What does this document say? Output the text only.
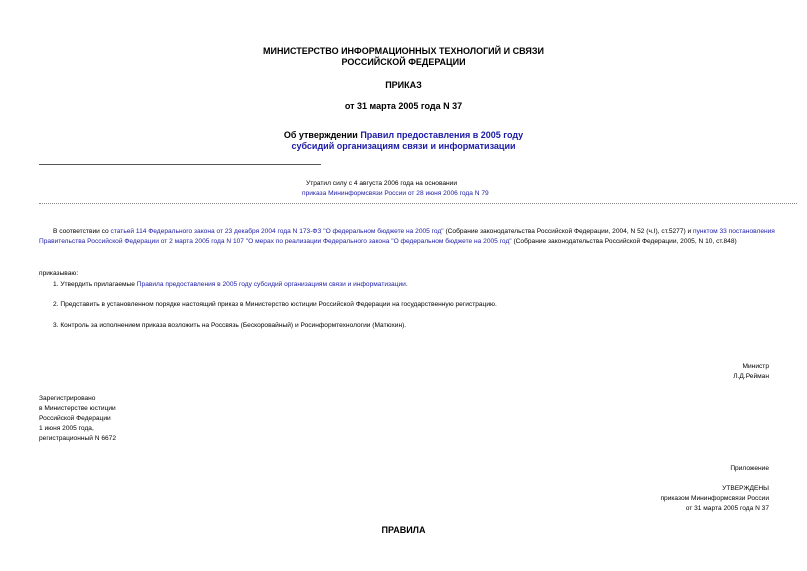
МИНИСТЕРСТВО ИНФОРМАЦИОННЫХ ТЕХНОЛОГИЙ И СВЯЗИ
РОССИЙСКОЙ ФЕДЕРАЦИИ
ПРИКАЗ
от 31 марта 2005 года N 37
Об утверждении Правил предоставления в 2005 году
субсидий организациям связи и информатизации
Утратил силу с 4 августа 2006 года на основании
приказа Мининформсвязи России от 28 июня 2006 года N 79
В соответствии со статьей 114 Федерального закона от 23 декабря 2004 года N 173-ФЗ "О федеральном бюджете на 2005 год" (Собрание законодательства Российской Федерации, 2004, N 52 (ч.I), ст.5277) и пунктом 33 постановления Правительства Российской Федерации от 2 марта 2005 года N 107 "О мерах по реализации Федерального закона "О федеральном бюджете на 2005 год" (Собрание законодательства Российской Федерации, 2005, N 10, ст.848)
приказываю:
1. Утвердить прилагаемые Правила предоставления в 2005 году субсидий организациям связи и информатизации.
2. Представить в установленном порядке настоящий приказ в Министерство юстиции Российской Федерации на государственную регистрацию.
3. Контроль за исполнением приказа возложить на Россвязь (Бескоровайный) и Росинформтехнологии (Матюхин).
Министр
Л.Д.Рейман
Зарегистрировано
в Министерстве юстиции
Российской Федерации
1 июня 2005 года,
регистрационный N 6672
Приложение
УТВЕРЖДЕНЫ
приказом Мининформсвязи России
от 31 марта 2005 года N 37
ПРАВИЛА
